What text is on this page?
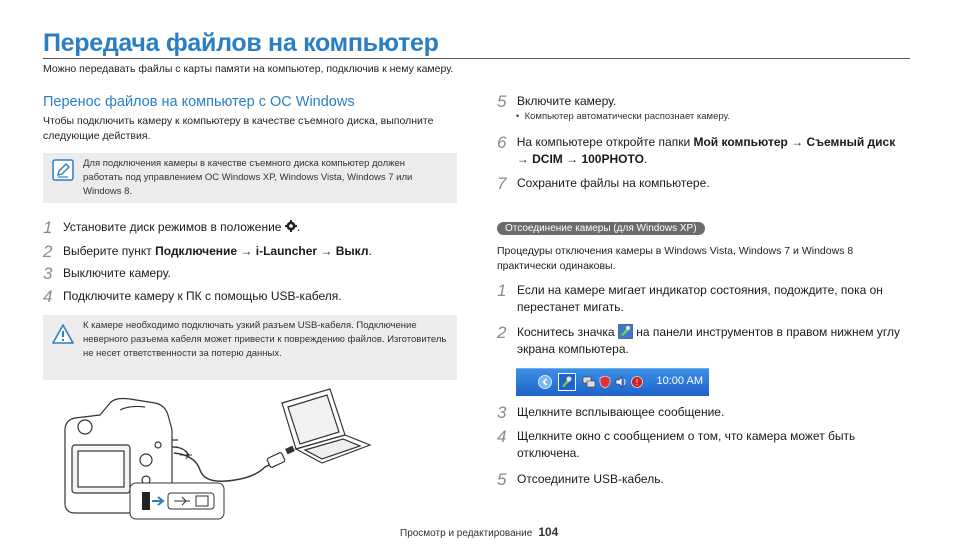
Передача файлов на компьютер
Можно передавать файлы с карты памяти на компьютер, подключив к нему камеру.
Перенос файлов на компьютер с ОС Windows
Чтобы подключить камеру к компьютеру в качестве съемного диска, выполните следующие действия.
Для подключения камеры в качестве съемного диска компьютер должен работать под управлением ОС Windows XP, Windows Vista, Windows 7 или Windows 8.
1 Установите диск режимов в положение .
2 Выберите пункт Подключение → i-Launcher → Выкл.
3 Выключите камеру.
4 Подключите камеру к ПК с помощью USB-кабеля.
К камере необходимо подключать узкий разъем USB-кабеля. Подключение неверного разъема кабеля может привести к повреждению файлов. Изготовитель не несет ответственности за потерю данных.
5 Включите камеру.
•  Компьютер автоматически распознает камеру.
6 На компьютере откройте папки Мой компьютер → Съемный диск → DCIM → 100PHOTO.
7 Сохраните файлы на компьютере.
Отсоединение камеры (для Windows XP)
Процедуры отключения камеры в Windows Vista, Windows 7 и Windows 8 практически одинаковы.
1 Если на камере мигает индикатор состояния, подождите, пока он перестанет мигать.
2 Коснитесь значка  на панели инструментов в правом нижнем углу экрана компьютера.
! 10:00 AM
3 Щелкните всплывающее сообщение.
4 Щелкните окно с сообщением о том, что камера может быть отключена.
5 Отсоедините USB-кабель.
Просмотр и редактирование 104
